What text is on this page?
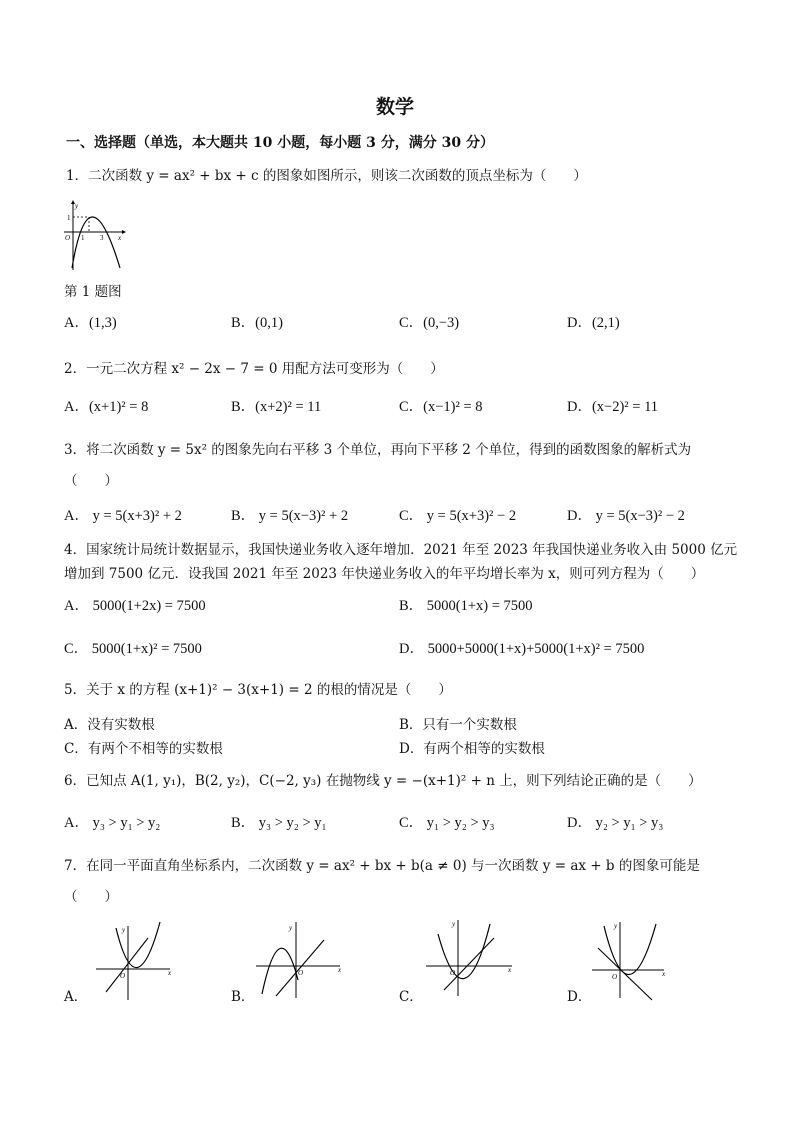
数学
一、选择题（单选，本大题共 10 小题，每小题 3 分，满分 30 分）
1．二次函数 y = ax² + bx + c 的图象如图所示，则该二次函数的顶点坐标为（　　）
y
1
O 1 3 x
第 1 题图
A．(1,3)	B．(0,1)	C．(0,−3)	D．(2,1)
2．一元二次方程 x² − 2x − 7 = 0 用配方法可变形为（　　）
A．(x+1)² = 8	B．(x+2)² = 11	C．(x−1)² = 8	D．(x−2)² = 11
3．将二次函数 y = 5x² 的图象先向右平移 3 个单位，再向下平移 2 个单位，得到的函数图象的解析式为
（　　）
A． y = 5(x+3)² + 2	B． y = 5(x−3)² + 2	C． y = 5(x+3)² − 2	D． y = 5(x−3)² − 2
4．国家统计局统计数据显示，我国快递业务收入逐年增加．2021 年至 2023 年我国快递业务收入由 5000 亿元
增加到 7500 亿元．设我国 2021 年至 2023 年快递业务收入的年平均增长率为 x，则可列方程为（　　）
A． 5000(1+2x) = 7500	B． 5000(1+x) = 7500
C． 5000(1+x)² = 7500	D． 5000+5000(1+x)+5000(1+x)² = 7500
5．关于 x 的方程 (x+1)² − 3(x+1) = 2 的根的情况是（　　）
A．没有实数根	B．只有一个实数根
C．有两个不相等的实数根	D．有两个相等的实数根
6．已知点 A(1, y₁)，B(2, y₂)，C(−2, y₃) 在抛物线 y = −(x+1)² + n 上，则下列结论正确的是（　　）
A． y₃ > y₁ > y₂	B． y₃ > y₂ > y₁	C． y₁ > y₂ > y₃	D． y₂ > y₁ > y₃
7．在同一平面直角坐标系内，二次函数 y = ax² + bx + b(a ≠ 0) 与一次函数 y = ax + b 的图象可能是
（　　）
y
O	x
A．
y
O	x
B．
y
O	x
C．
y
O	x
D．
